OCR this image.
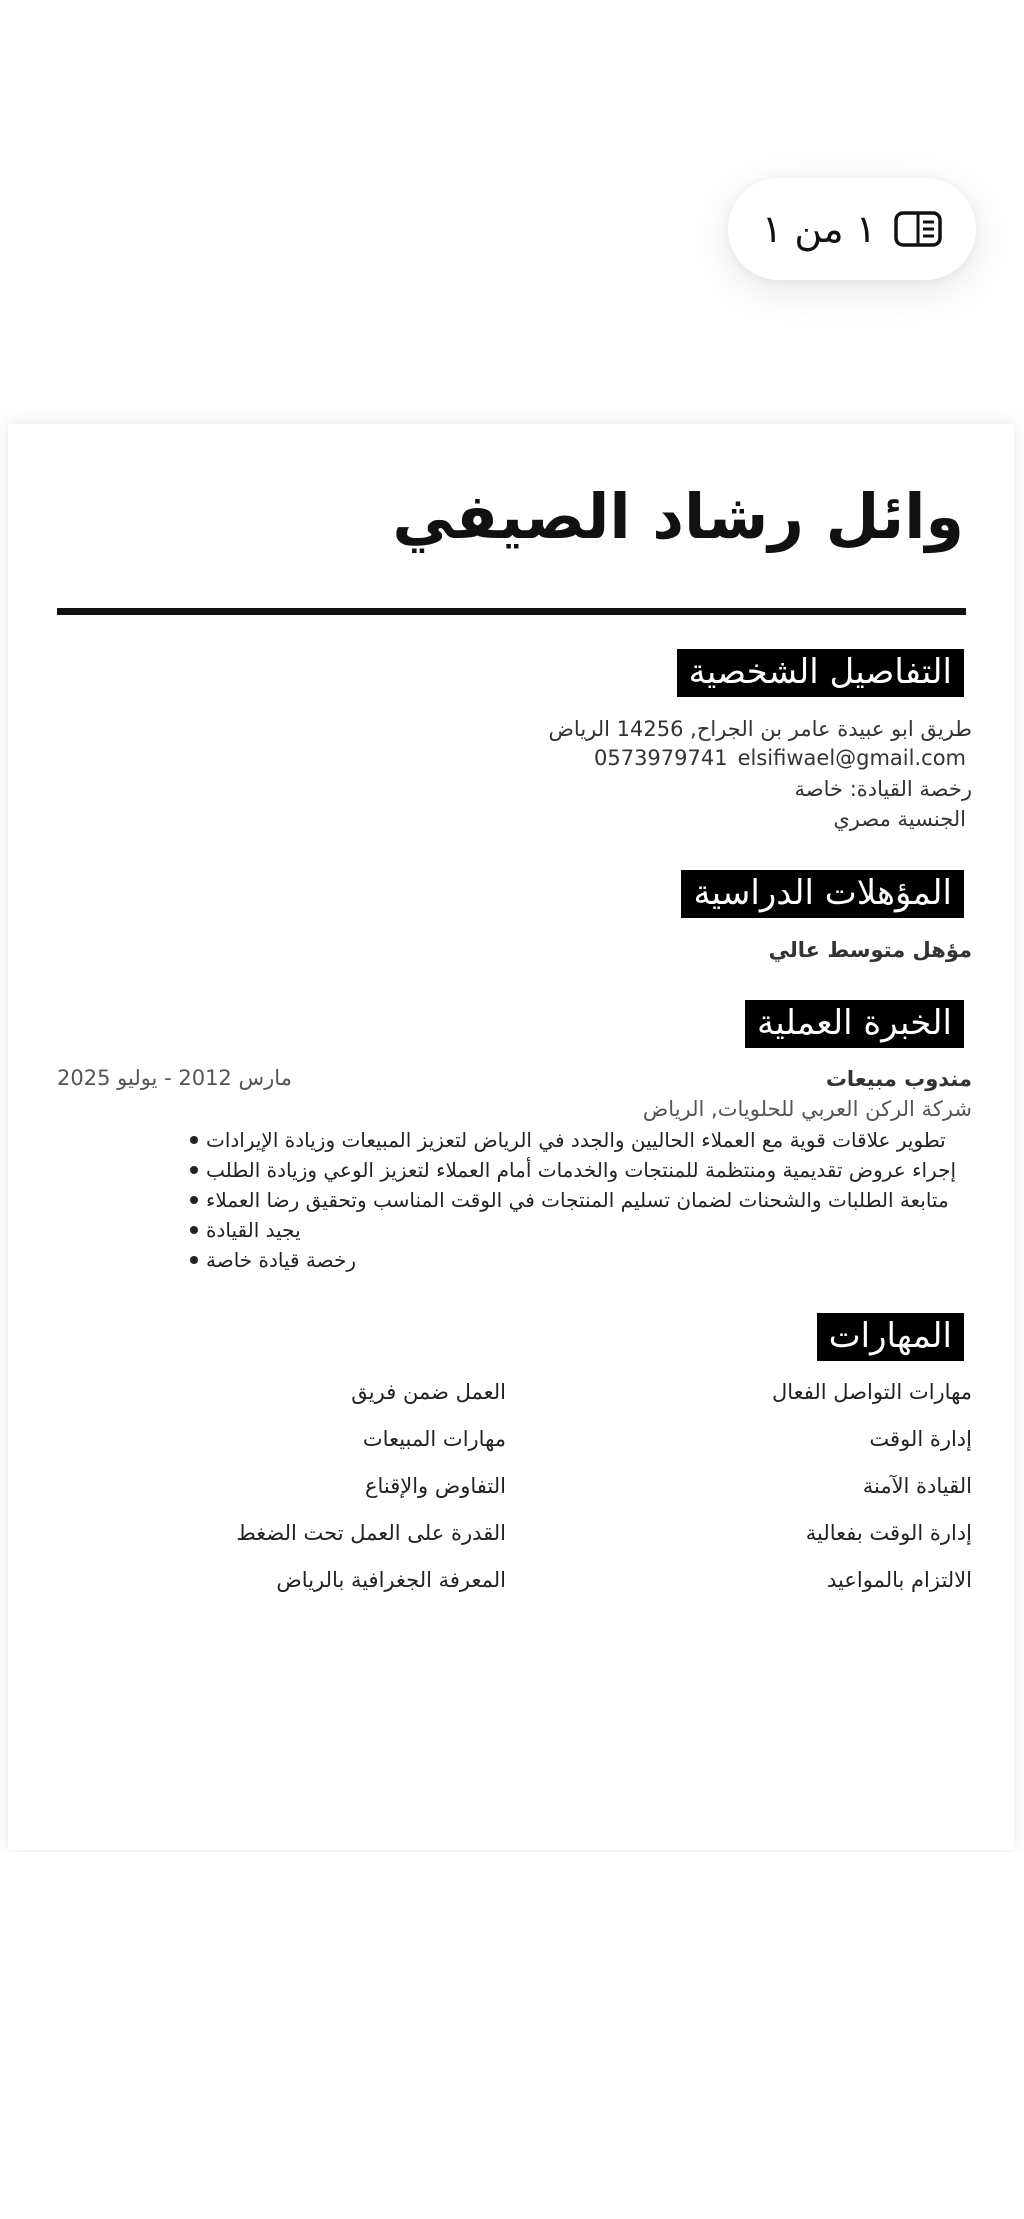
١ من ١
وائل رشاد الصيفي
التفاصيل الشخصية
طريق ابو عبيدة عامر بن الجراح, 14256 الرياض
0573979741 elsifiwael@gmail.com
رخصة القيادة: خاصة
الجنسية مصري
المؤهلات الدراسية
مؤهل متوسط عالي
الخبرة العملية
مندوب مبيعات
مارس 2012 - يوليو 2025
شركة الركن العربي للحلويات, الرياض
تطوير علاقات قوية مع العملاء الحاليين والجدد في الرياض لتعزيز المبيعات وزيادة الإيرادات
إجراء عروض تقديمية ومنتظمة للمنتجات والخدمات أمام العملاء لتعزيز الوعي وزيادة الطلب
متابعة الطلبات والشحنات لضمان تسليم المنتجات في الوقت المناسب وتحقيق رضا العملاء
يجيد القيادة
رخصة قيادة خاصة
المهارات
مهارات التواصل الفعال
إدارة الوقت
القيادة الآمنة
إدارة الوقت بفعالية
الالتزام بالمواعيد
العمل ضمن فريق
مهارات المبيعات
التفاوض والإقناع
القدرة على العمل تحت الضغط
المعرفة الجغرافية بالرياض
